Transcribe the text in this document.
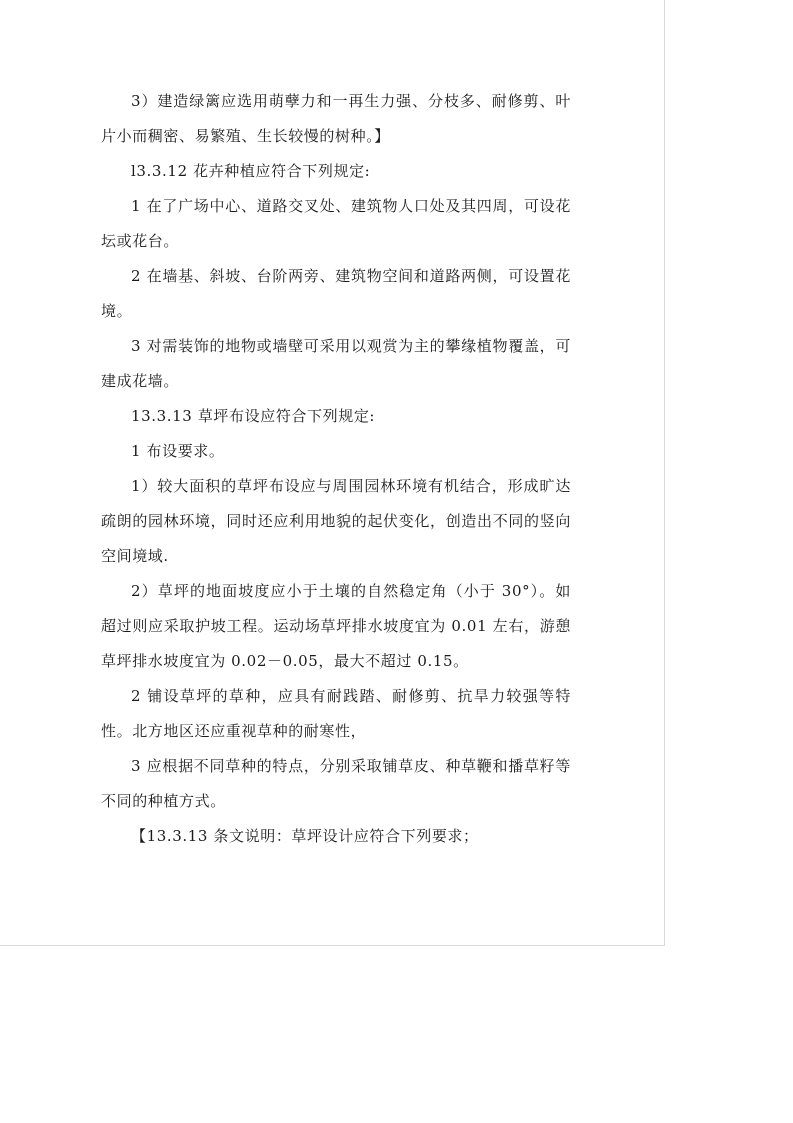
3）建造绿篱应选用萌孽力和一再生力强、分枝多、耐修剪、叶片小而稠密、易繁殖、生长较慢的树种。】

l3.3.12 花卉种植应符合下列规定:

1 在了广场中心、道路交叉处、建筑物人口处及其四周，可设花坛或花台。

2 在墙基、斜坡、台阶两旁、建筑物空间和道路两侧，可设置花境。

3 对需装饰的地物或墙壁可采用以观赏为主的攀缘植物覆盖，可建成花墙。

13.3.13 草坪布设应符合下列规定:

1 布设要求。

1）较大面积的草坪布设应与周围园林环境有机结合，形成旷达疏朗的园林环境，同时还应利用地貌的起伏变化，创造出不同的竖向空间境域.

2）草坪的地面坡度应小于土壤的自然稳定角（小于 30°）。如超过则应采取护坡工程。运动场草坪排水坡度宜为 0.01 左右，游憩草坪排水坡度宜为 0.02－0.05，最大不超过 0.15。

2 铺设草坪的草种，应具有耐践踏、耐修剪、抗旱力较强等特性。北方地区还应重视草种的耐寒性，

3 应根据不同草种的特点，分别采取铺草皮、种草鞭和播草籽等不同的种植方式。

【13.3.13 条文说明：草坪设计应符合下列要求；
